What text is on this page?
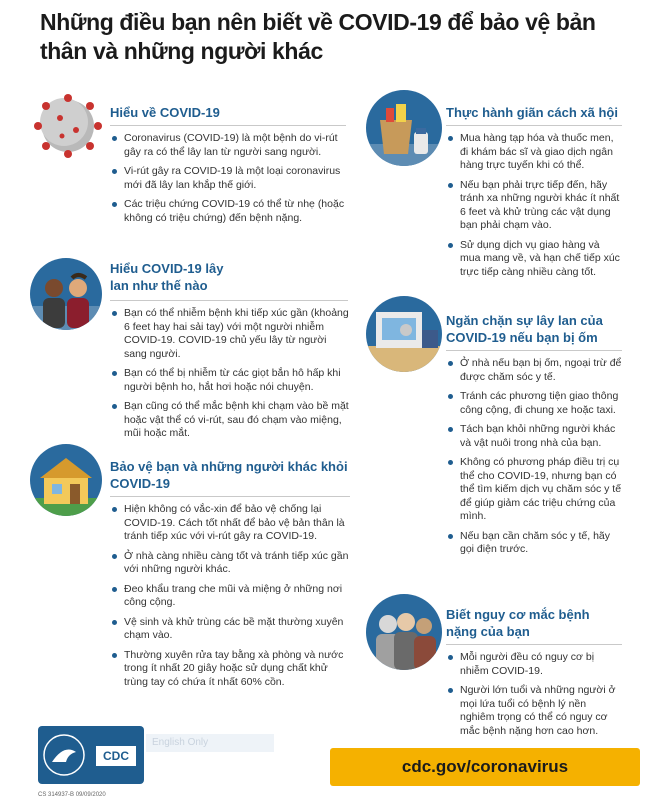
Những điều bạn nên biết về COVID-19 để bảo vệ bản thân và những người khác
Hiểu về COVID-19
Coronavirus (COVID-19) là một bệnh do vi-rút gây ra có thể lây lan từ người sang người.
Vi-rút gây ra COVID-19 là một loại coronavirus mới đã lây lan khắp thế giới.
Các triệu chứng COVID-19 có thể từ nhẹ (hoặc không có triệu chứng) đến bệnh nặng.
Hiểu COVID-19 lây lan như thế nào
Bạn có thể nhiễm bệnh khi tiếp xúc gần (khoảng 6 feet hay hai sải tay) với một người nhiễm COVID-19. COVID-19 chủ yếu lây từ người sang người.
Bạn có thể bị nhiễm từ các giọt bắn hô hấp khi người bệnh ho, hắt hơi hoặc nói chuyện.
Bạn cũng có thể mắc bệnh khi chạm vào bề mặt hoặc vật thể có vi-rút, sau đó chạm vào miệng, mũi hoặc mắt.
Bảo vệ bạn và những người khác khỏi COVID-19
Hiện không có vắc-xin để bảo vệ chống lại COVID-19. Cách tốt nhất để bảo vệ bản thân là tránh tiếp xúc với vi-rút gây ra COVID-19.
Ở nhà càng nhiều càng tốt và tránh tiếp xúc gần với những người khác.
Đeo khẩu trang che mũi và miệng ở những nơi công cộng.
Vệ sinh và khử trùng các bề mặt thường xuyên chạm vào.
Thường xuyên rửa tay bằng xà phòng và nước trong ít nhất 20 giây hoặc sử dụng chất khử trùng tay có chứa ít nhất 60% cồn.
Thực hành giãn cách xã hội
Mua hàng tạp hóa và thuốc men, đi khám bác sĩ và giao dịch ngân hàng trực tuyến khi có thể.
Nếu bạn phải trực tiếp đến, hãy tránh xa những người khác ít nhất 6 feet và khử trùng các vật dụng bạn phải chạm vào.
Sử dụng dịch vụ giao hàng và mua mang về, và hạn chế tiếp xúc trực tiếp càng nhiều càng tốt.
Ngăn chặn sự lây lan của COVID-19 nếu bạn bị ốm
Ở nhà nếu bạn bị ốm, ngoại trừ để được chăm sóc y tế.
Tránh các phương tiện giao thông công cộng, đi chung xe hoặc taxi.
Tách bạn khỏi những người khác và vật nuôi trong nhà của bạn.
Không có phương pháp điều trị cụ thể cho COVID-19, nhưng bạn có thể tìm kiếm dịch vụ chăm sóc y tế để giúp giảm các triệu chứng của mình.
Nếu bạn cần chăm sóc y tế, hãy gọi điện trước.
Biết nguy cơ mắc bệnh nặng của bạn
Mỗi người đều có nguy cơ bị nhiễm COVID-19.
Người lớn tuổi và những người ở mọi lứa tuổi có bệnh lý nền nghiêm trọng có thể có nguy cơ mắc bệnh nặng hơn cao hơn.
CDC
English Only
cdc.gov/coronavirus
CS 314937-B 09/09/2020
